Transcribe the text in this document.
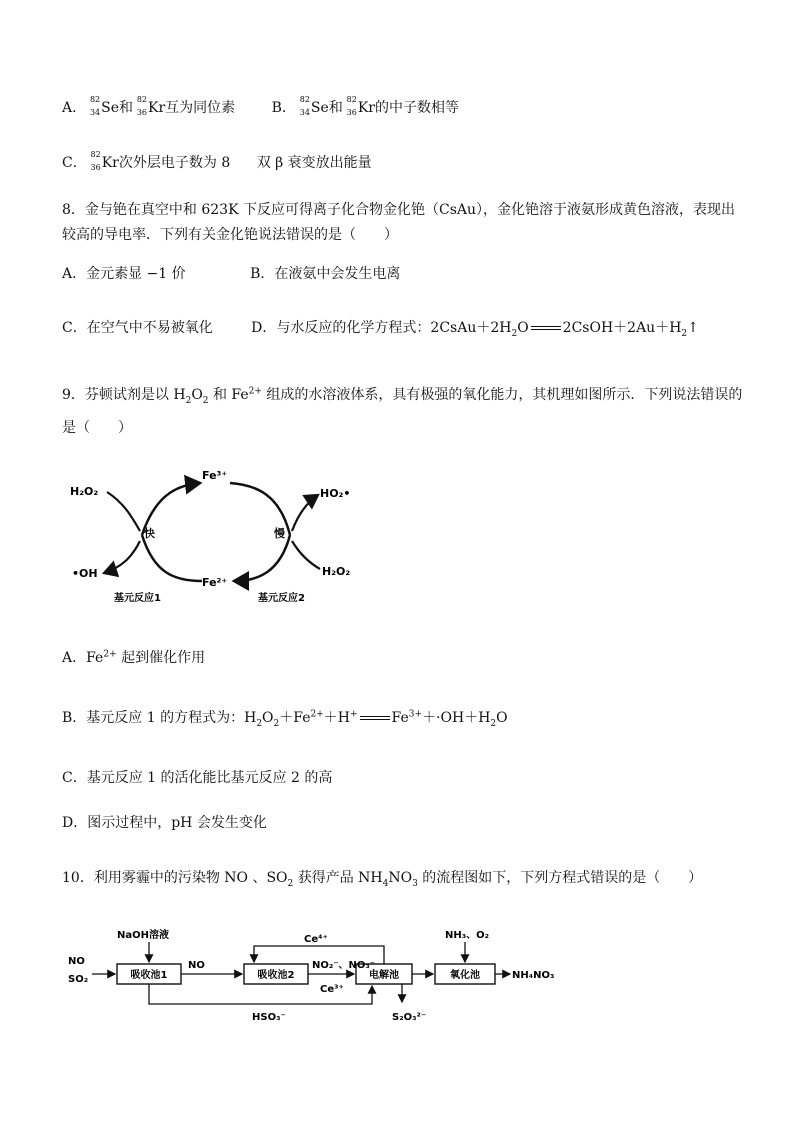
A．
82
34 Se和
82
36 Kr互为同位素	B．
82
34 Se和
82
36 Kr的中子数相等
C．
82
36 Kr次外层电子数为 8 双 β 衰变放出能量
8．金与铯在真空中和 623K 下反应可得离子化合物金化铯（CsAu），金化铯溶于液氨形成黄色溶液，表现出
较高的导电率．下列有关金化铯说法错误的是（　　）
A．金元素显 −1 价	B．在液氨中会发生电离
C．在空气中不易被氧化	D．与水反应的化学方程式：$2CsAu+2H_2O$ $2CsOH+2Au+H_2↑$
9．芬顿试剂是以 $H_2O_2$ 和 $Fe^{2+}$ 组成的水溶液体系，具有极强的氧化能力，其机理如图所示．下列说法错误的
是（　　）
H₂O₂
•OH
Fe³⁺
Fe²⁺
HO₂•
H₂O₂
快	慢
基元反应1	基元反应2
A．$Fe^{2+}$ 起到催化作用
B．基元反应 1 的方程式为：$H_2O_2+Fe^{2+}+H^+$ $Fe^{3+}+\cdot OH+H_2O$
C．基元反应 1 的活化能比基元反应 2 的高
D．图示过程中，pH 会发生变化
10．利用雾霾中的污染物 NO 、$SO_2$ 获得产品 $NH_4NO_3$ 的流程图如下，下列方程式错误的是（　　）
吸收池1	吸收池2	电解池	氧化池
NaOH溶液
NO
SO₂
NO
Ce⁴⁺
NO₂⁻、NO₃⁻
Ce³⁺
NH₃、O₂
NH₄NO₃
HSO₃⁻	S₂O₃²⁻
